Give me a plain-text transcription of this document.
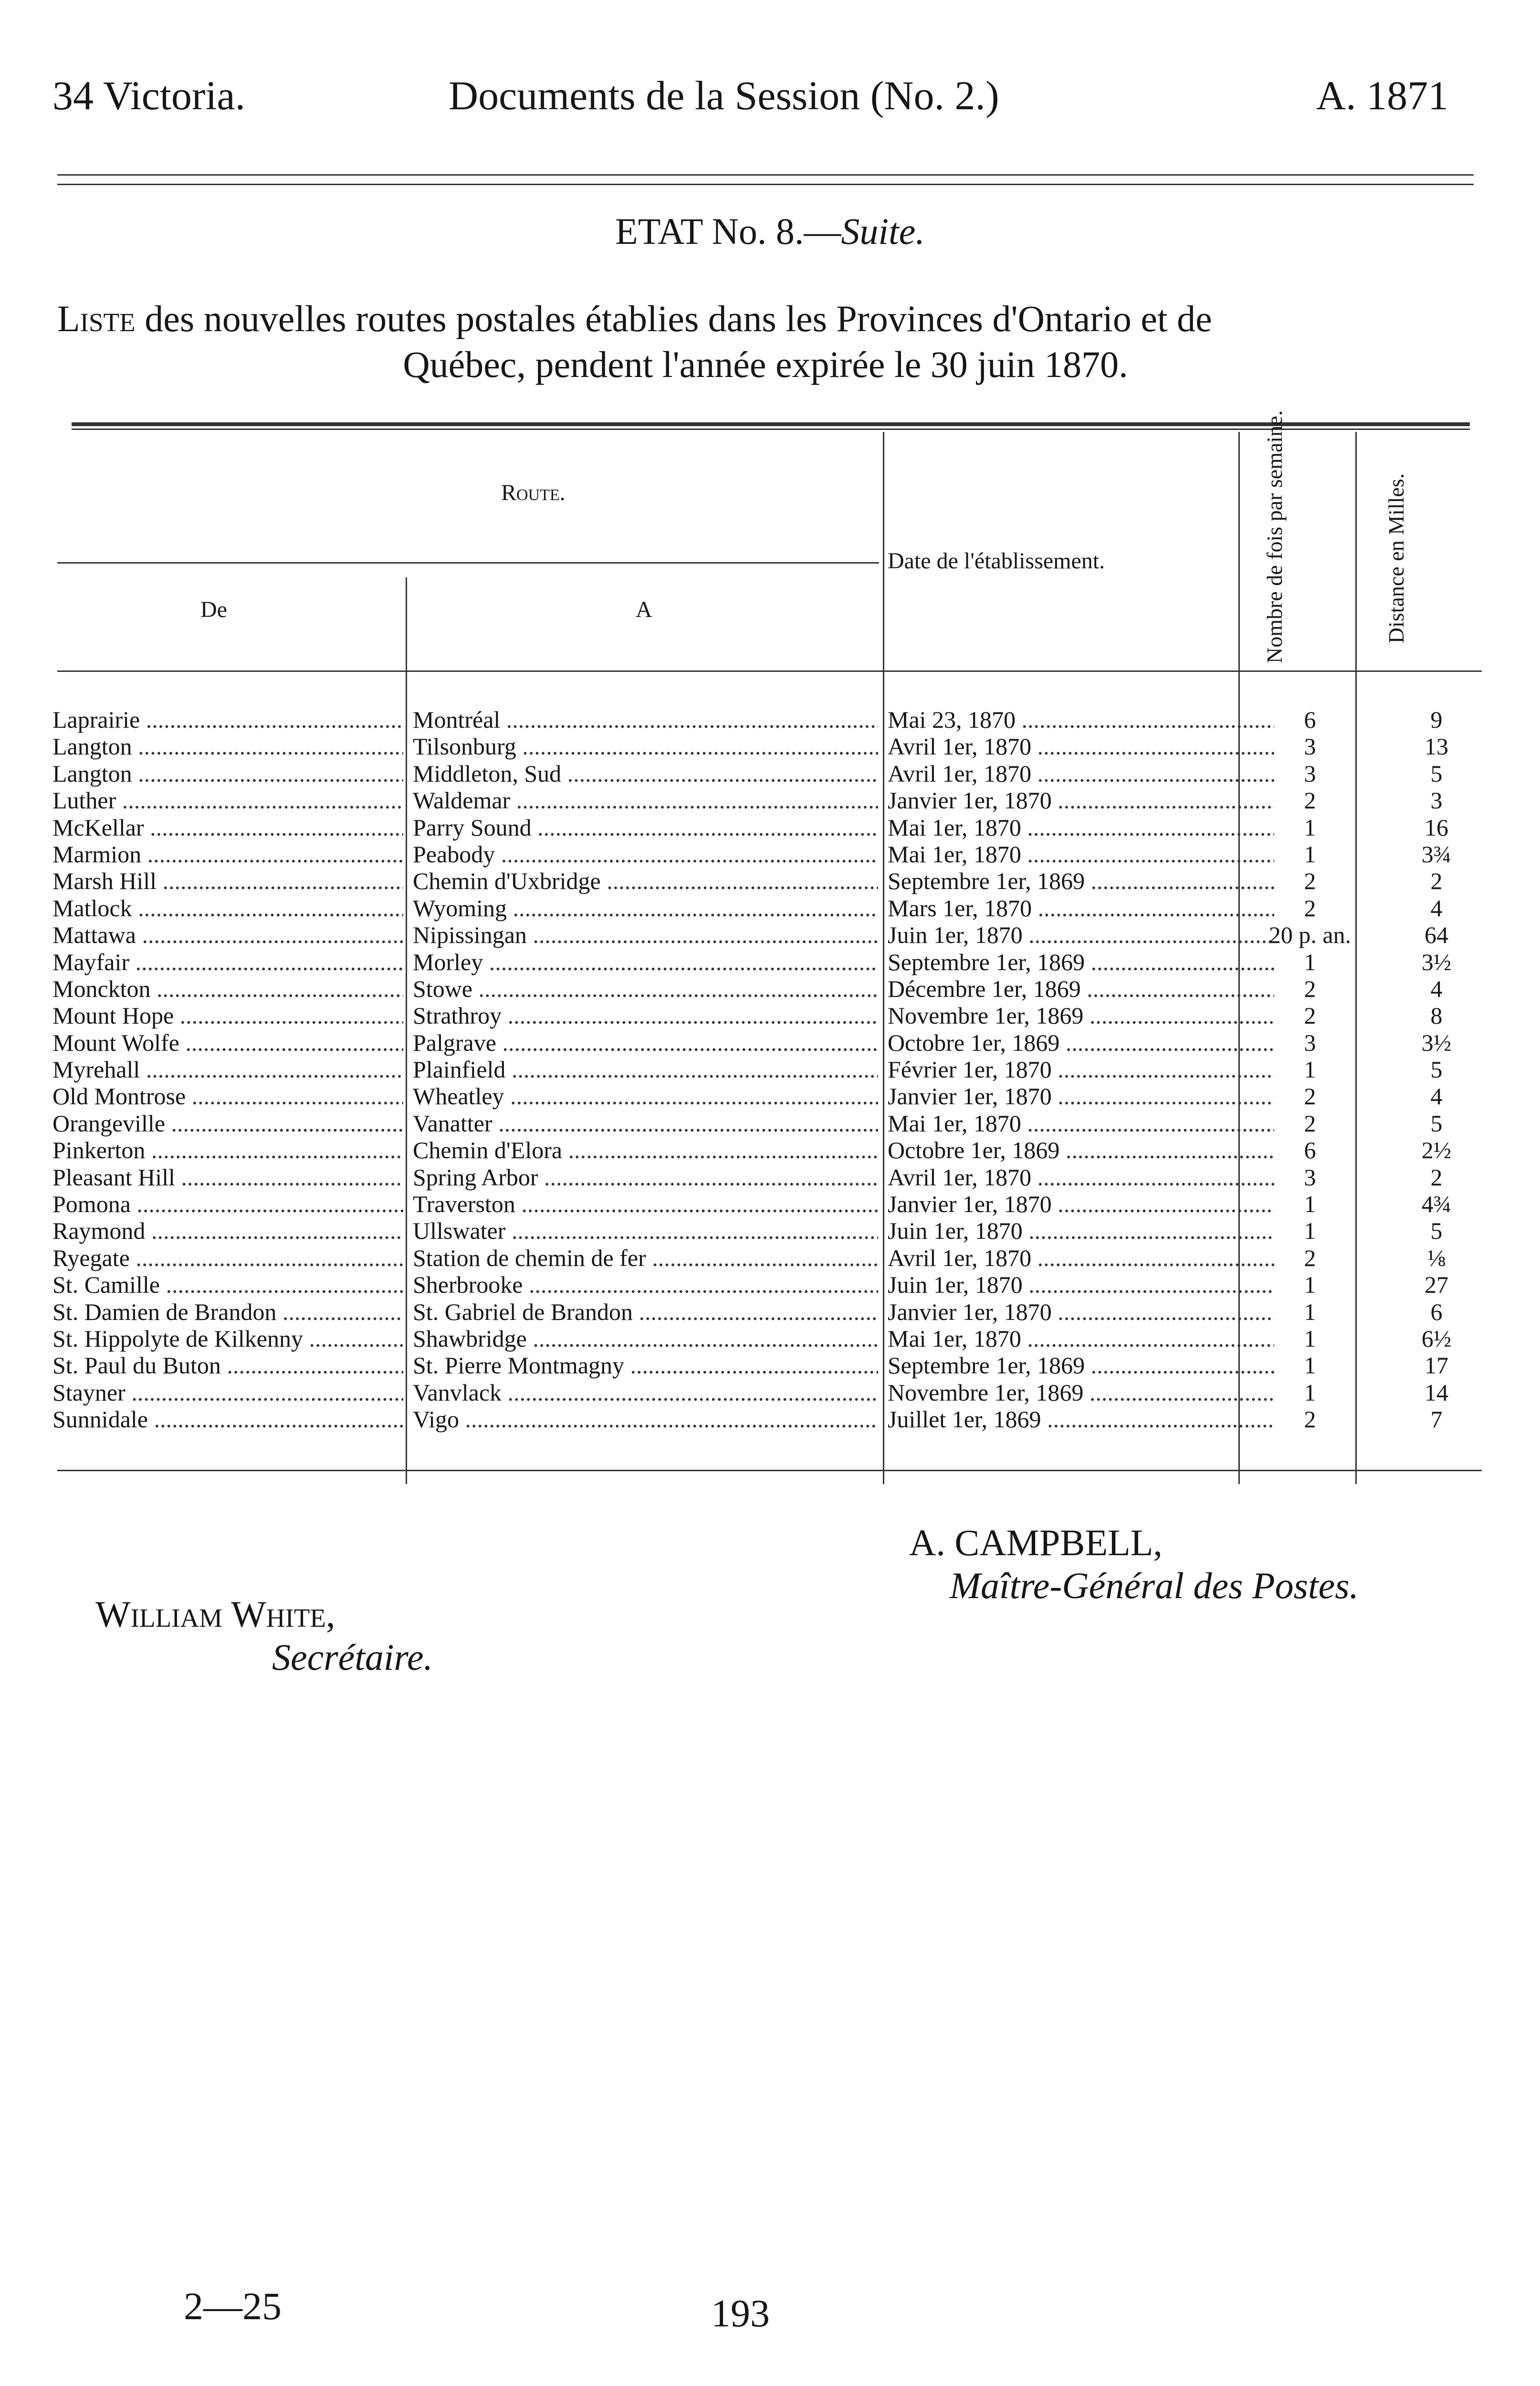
34 Victoria.	Documents de la Session (No. 2.)	A. 1871
ETAT No. 8.—Suite.
Liste des nouvelles routes postales établies dans les Provinces d'Ontario et de
Québec, pendent l'année expirée le 30 juin 1870.
Route.
De	A
Date de l'établissement.	Nombre de fois par semaine.	Distance en Milles.
Laprairie .....	Montréal .....	Mai 23, 1870 .....	6	9
Langton .....	Tilsonburg .....	Avril 1er, 1870 .....	3	13
Langton .....	Middleton, Sud .....	Avril 1er, 1870 .....	3	5
Luther .....	Waldemar .....	Janvier 1er, 1870 .....	2	3
McKellar .....	Parry Sound .....	Mai 1er, 1870 .....	1	16
Marmion .....	Peabody .....	Mai 1er, 1870 .....	1	3¾
Marsh Hill .....	Chemin d'Uxbridge .....	Septembre 1er, 1869 .....	2	2
Matlock .....	Wyoming .....	Mars 1er, 1870 .....	2	4
Mattawa .....	Nipissingan .....	Juin 1er, 1870 .....	20 p. an.	64
Mayfair .....	Morley .....	Septembre 1er, 1869 .....	1	3½
Monckton .....	Stowe .....	Décembre 1er, 1869 .....	2	4
Mount Hope .....	Strathroy .....	Novembre 1er, 1869 .....	2	8
Mount Wolfe .....	Palgrave .....	Octobre 1er, 1869 .....	3	3½
Myrehall .....	Plainfield .....	Février 1er, 1870 .....	1	5
Old Montrose .....	Wheatley .....	Janvier 1er, 1870 .....	2	4
Orangeville .....	Vanatter .....	Mai 1er, 1870 .....	2	5
Pinkerton .....	Chemin d'Elora .....	Octobre 1er, 1869 .....	6	2½
Pleasant Hill .....	Spring Arbor .....	Avril 1er, 1870 .....	3	2
Pomona .....	Traverston .....	Janvier 1er, 1870 .....	1	4¾
Raymond .....	Ullswater .....	Juin 1er, 1870 .....	1	5
Ryegate .....	Station de chemin de fer .....	Avril 1er, 1870 .....	2	⅛
St. Camille .....	Sherbrooke .....	Juin 1er, 1870 .....	1	27
St. Damien de Brandon .....	St. Gabriel de Brandon .....	Janvier 1er, 1870 .....	1	6
St. Hippolyte de Kilkenny .....	Shawbridge .....	Mai 1er, 1870 .....	1	6½
St. Paul du Buton .....	St. Pierre Montmagny .....	Septembre 1er, 1869 .....	1	17
Stayner .....	Vanvlack .....	Novembre 1er, 1869 .....	1	14
Sunnidale .....	Vigo .....	Juillet 1er, 1869 .....	2	7
A. CAMPBELL,
Maître-Général des Postes.
William White,
Secrétaire.
2—25	193
